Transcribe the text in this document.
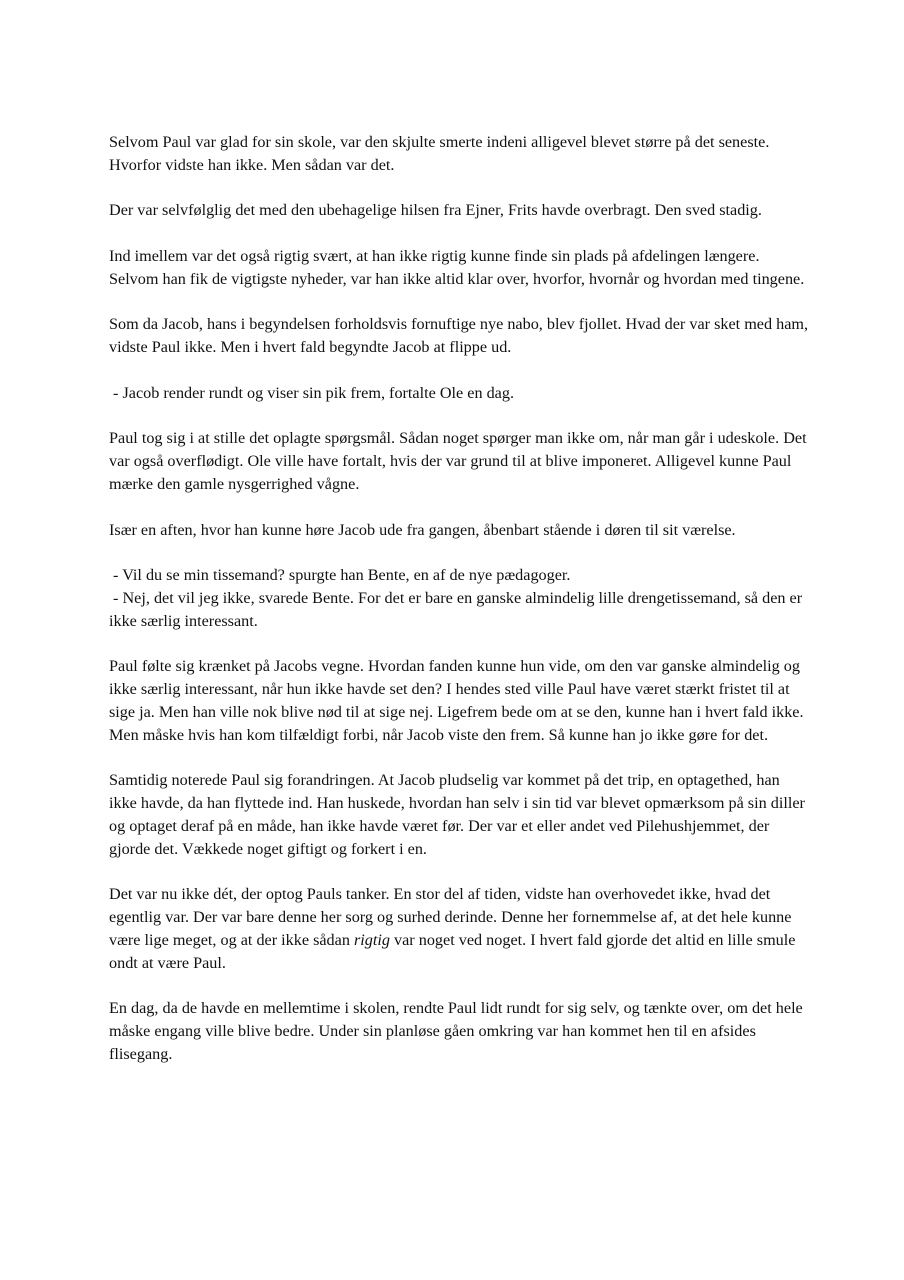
Selvom Paul var glad for sin skole, var den skjulte smerte indeni alligevel blevet større på det seneste. Hvorfor vidste han ikke. Men sådan var det.

Der var selvfølglig det med den ubehagelige hilsen fra Ejner, Frits havde overbragt. Den sved stadig.

Ind imellem var det også rigtig svært, at han ikke rigtig kunne finde sin plads på afdelingen længere. Selvom han fik de vigtigste nyheder, var han ikke altid klar over, hvorfor, hvornår og hvordan med tingene.

Som da Jacob, hans i begyndelsen forholdsvis fornuftige nye nabo, blev fjollet. Hvad der var sket med ham, vidste Paul ikke. Men i hvert fald begyndte Jacob at flippe ud.

- Jacob render rundt og viser sin pik frem, fortalte Ole en dag.

Paul tog sig i at stille det oplagte spørgsmål. Sådan noget spørger man ikke om, når man går i udeskole. Det var også overflødigt. Ole ville have fortalt, hvis der var grund til at blive imponeret. Alligevel kunne Paul mærke den gamle nysgerrighed vågne.

Især en aften, hvor han kunne høre Jacob ude fra gangen, åbenbart stående i døren til sit værelse.

- Vil du se min tissemand? spurgte han Bente, en af de nye pædagoger.
- Nej, det vil jeg ikke, svarede Bente. For det er bare en ganske almindelig lille drengetissemand, så den er ikke særlig interessant.

Paul følte sig krænket på Jacobs vegne. Hvordan fanden kunne hun vide, om den var ganske almindelig og ikke særlig interessant, når hun ikke havde set den? I hendes sted ville Paul have været stærkt fristet til at sige ja. Men han ville nok blive nød til at sige nej. Ligefrem bede om at se den, kunne han i hvert fald ikke. Men måske hvis han kom tilfældigt forbi, når Jacob viste den frem. Så kunne han jo ikke gøre for det.

Samtidig noterede Paul sig forandringen. At Jacob pludselig var kommet på det trip, en optagethed, han ikke havde, da han flyttede ind. Han huskede, hvordan han selv i sin tid var blevet opmærksom på sin diller og optaget deraf på en måde, han ikke havde været før. Der var et eller andet ved Pilehushjemmet, der gjorde det. Vækkede noget giftigt og forkert i en.

Det var nu ikke dét, der optog Pauls tanker. En stor del af tiden, vidste han overhovedet ikke, hvad det egentlig var. Der var bare denne her sorg og surhed derinde. Denne her fornemmelse af, at det hele kunne være lige meget, og at der ikke sådan rigtig var noget ved noget. I hvert fald gjorde det altid en lille smule ondt at være Paul.

En dag, da de havde en mellemtime i skolen, rendte Paul lidt rundt for sig selv, og tænkte over, om det hele måske engang ville blive bedre. Under sin planløse gåen omkring var han kommet hen til en afsides flisegang.
